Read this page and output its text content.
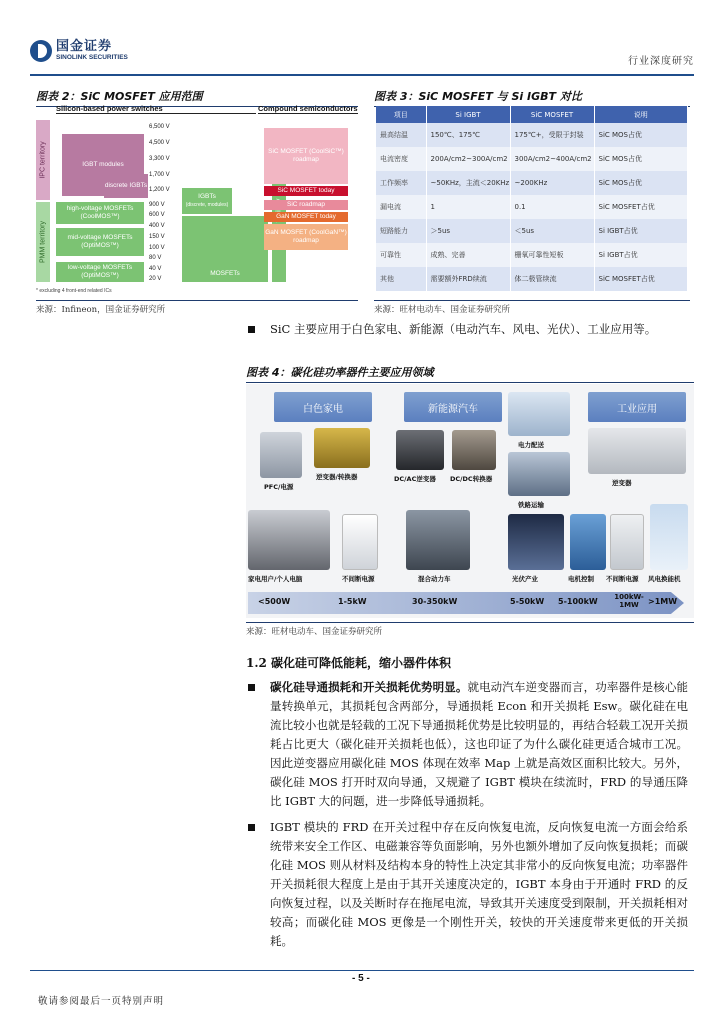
国金证券
SINOLINK SECURITIES	行业深度研究
图表 2：SiC MOSFET 应用范围
Silicon-based power switches	Compound semiconductors
IPC territory
PMM territory
IGBT modules
discrete IGBTs
high-voltage MOSFETs (CoolMOS™)
mid-voltage MOSFETs (OptiMOS™)
low-voltage MOSFETs (OptiMOS™)
6,500 V
4,500 V
3,300 V
1,700 V
1,200 V
900 V
600 V
400 V
150 V
100 V
80 V
40 V
20 V
IGBTs
(discrete, modules)
MOSFETs
SiC MOSFET (CoolSiC™) roadmap
SiC MOSFET today
SiC roadmap
GaN MOSFET today
GaN MOSFET (CoolGaN™) roadmap
* excluding 4 front-end related ICs
来源：Infineon，国金证券研究所
图表 3：SiC MOSFET 与 Si IGBT 对比
项目	Si IGBT	SiC MOSFET	说明
最高结温	150℃、175℃	175℃+，受限于封装	SiC MOS占优
电流密度	200A/cm2~300A/cm2	300A/cm2~400A/cm2	SiC MOS占优
工作频率	~50KHz，主流＜20KHz	~200KHz	SiC MOS占优
漏电流	1	0.1	SiC MOSFET占优
短路能力	＞5us	＜5us	Si IGBT占优
可靠性	成熟、完善	栅氧可靠性短板	Si IGBT占优
其他	需要额外FRD续流	体二极管续流	SiC MOSFET占优
来源：旺材电动车、国金证券研究所
SiC 主要应用于白色家电、新能源（电动汽车、风电、光伏）、工业应用等。
图表 4：碳化硅功率器件主要应用领域
白色家电	新能源汽车	工业应用
PFC/电源
逆变器/转换器	DC/AC逆变器 DC/DC转换器
电力配送
铁路运输
逆变器
家电用户/个人电脑	不间断电源	混合动力车	光伏产业	电机控制 不间断电源 风电换能机
<500W	1-5kW	30-350kW	5-50kW 5-100kW	100kW-1MW	>1MW
来源：旺材电动车、国金证券研究所
1.2 碳化硅可降低能耗，缩小器件体积
碳化硅导通损耗和开关损耗优势明显。就电动汽车逆变器而言，功率器件是核心能量转换单元，其损耗包含两部分，导通损耗 Econ 和开关损耗 Esw。碳化硅在电流比较小也就是轻载的工况下导通损耗优势是比较明显的，再结合轻载工况开关损耗占比更大（碳化硅开关损耗也低），这也印证了为什么碳化硅更适合城市工况。因此逆变器应用碳化硅 MOS 体现在效率 Map 上就是高效区面积比较大。另外，碳化硅 MOS 打开时双向导通，又规避了 IGBT 模块在续流时，FRD 的导通压降比 IGBT 大的问题，进一步降低导通损耗。
IGBT 模块的 FRD 在开关过程中存在反向恢复电流，反向恢复电流一方面会给系统带来安全工作区、电磁兼容等负面影响，另外也额外增加了反向恢复损耗；而碳化硅 MOS 则从材料及结构本身的特性上决定其非常小的反向恢复电流；功率器件开关损耗很大程度上是由于其开关速度决定的，IGBT 本身由于开通时 FRD 的反向恢复过程，以及关断时存在拖尾电流，导致其开关速度受到限制，开关损耗相对较高；而碳化硅 MOS 更像是一个刚性开关，较快的开关速度带来更低的开关损耗。
- 5 -
敬请参阅最后一页特别声明
